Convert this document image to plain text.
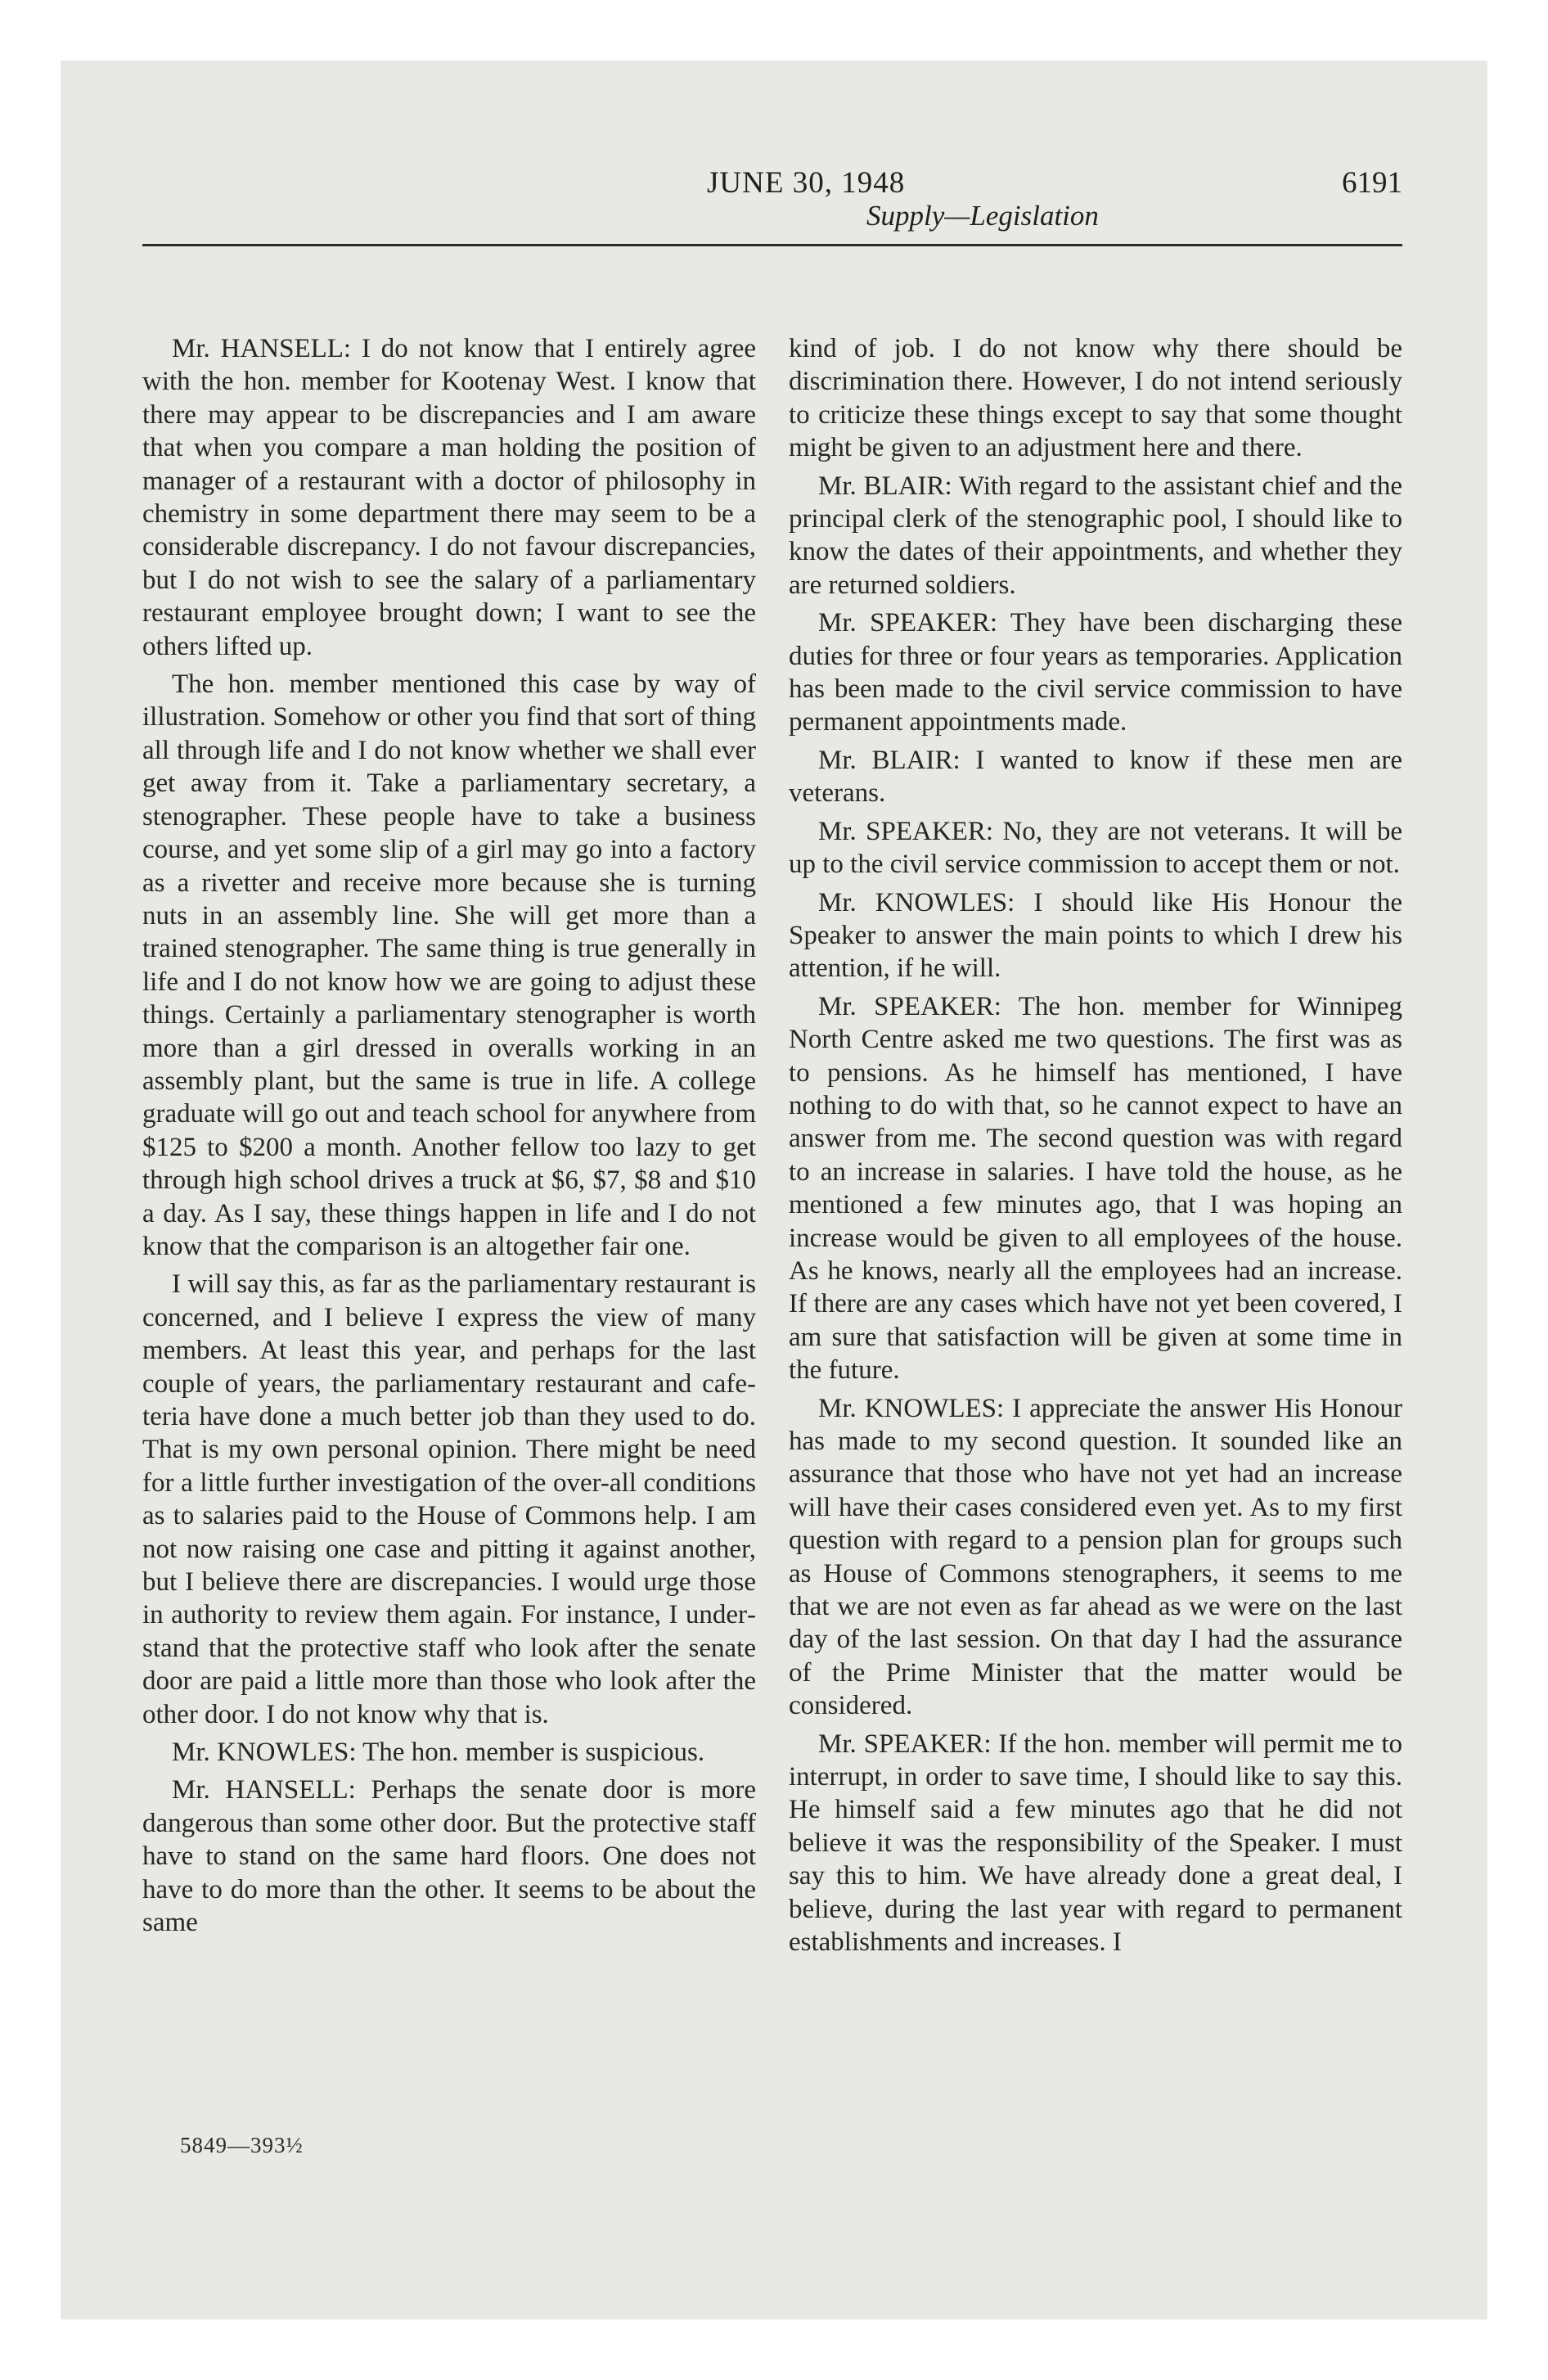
JUNE 30, 1948	6191
Supply—Legislation

Mr. HANSELL: I do not know that I entirely agree with the hon. member for Kootenay West. I know that there may appear to be discrepancies and I am aware that when you compare a man holding the position of manager of a restaurant with a doctor of philosophy in chemistry in some department there may seem to be a considerable discrepancy. I do not favour discrepancies, but I do not wish to see the salary of a parliamentary restaurant employee brought down; I want to see the others lifted up.

The hon. member mentioned this case by way of illustration. Somehow or other you find that sort of thing all through life and I do not know whether we shall ever get away from it. Take a parliamentary secretary, a stenographer. These people have to take a business course, and yet some slip of a girl may go into a factory as a rivetter and receive more because she is turning nuts in an assembly line. She will get more than a trained stenographer. The same thing is true generally in life and I do not know how we are going to adjust these things. Certainly a parliamentary stenographer is worth more than a girl dressed in overalls working in an assembly plant, but the same is true in life. A college graduate will go out and teach school for anywhere from $125 to $200 a month. Another fellow too lazy to get through high school drives a truck at $6, $7, $8 and $10 a day. As I say, these things happen in life and I do not know that the comparison is an altogether fair one.

I will say this, as far as the parliamentary restaurant is concerned, and I believe I express the view of many members. At least this year, and perhaps for the last couple of years, the parliamentary restaurant and cafe teria have done a much better job than they used to do. That is my own personal opinion. There might be need for a little further investigation of the over-all conditions as to salaries paid to the House of Commons help. I am not now raising one case and pitting it against another, but I believe there are discrepancies. I would urge those in authority to review them again. For instance, I understand that the protective staff who look after the senate door are paid a little more than those who look after the other door. I do not know why that is.

Mr. KNOWLES: The hon. member is suspicious.

Mr. HANSELL: Perhaps the senate door is more dangerous than some other door. But the protective staff have to stand on the same hard floors. One does not have to do more than the other. It seems to be about the same

kind of job. I do not know why there should be discrimination there. However, I do not intend seriously to criticize these things except to say that some thought might be given to an adjustment here and there.

Mr. BLAIR: With regard to the assistant chief and the principal clerk of the stenographic pool, I should like to know the dates of their appointments, and whether they are returned soldiers.

Mr. SPEAKER: They have been discharging these duties for three or four years as temporaries. Application has been made to the civil service commission to have permanent appointments made.

Mr. BLAIR: I wanted to know if these men are veterans.

Mr. SPEAKER: No, they are not veterans. It will be up to the civil service commission to accept them or not.

Mr. KNOWLES: I should like His Honour the Speaker to answer the main points to which I drew his attention, if he will.

Mr. SPEAKER: The hon. member for Winnipeg North Centre asked me two questions. The first was as to pensions. As he himself has mentioned, I have nothing to do with that, so he cannot expect to have an answer from me. The second question was with regard to an increase in salaries. I have told the house, as he mentioned a few minutes ago, that I was hoping an increase would be given to all employees of the house. As he knows, nearly all the employees had an increase. If there are any cases which have not yet been covered, I am sure that satisfaction will be given at some time in the future.

Mr. KNOWLES: I appreciate the answer His Honour has made to my second question. It sounded like an assurance that those who have not yet had an increase will have their cases considered even yet. As to my first question with regard to a pension plan for groups such as House of Commons stenographers, it seems to me that we are not even as far ahead as we were on the last day of the last session. On that day I had the assurance of the Prime Minister that the matter would be considered.

Mr. SPEAKER: If the hon. member will permit me to interrupt, in order to save time, I should like to say this. He himself said a few minutes ago that he did not believe it was the responsibility of the Speaker. I must say this to him. We have already done a great deal, I believe, during the last year with regard to permanent establishments and increases. I

5849—393½
